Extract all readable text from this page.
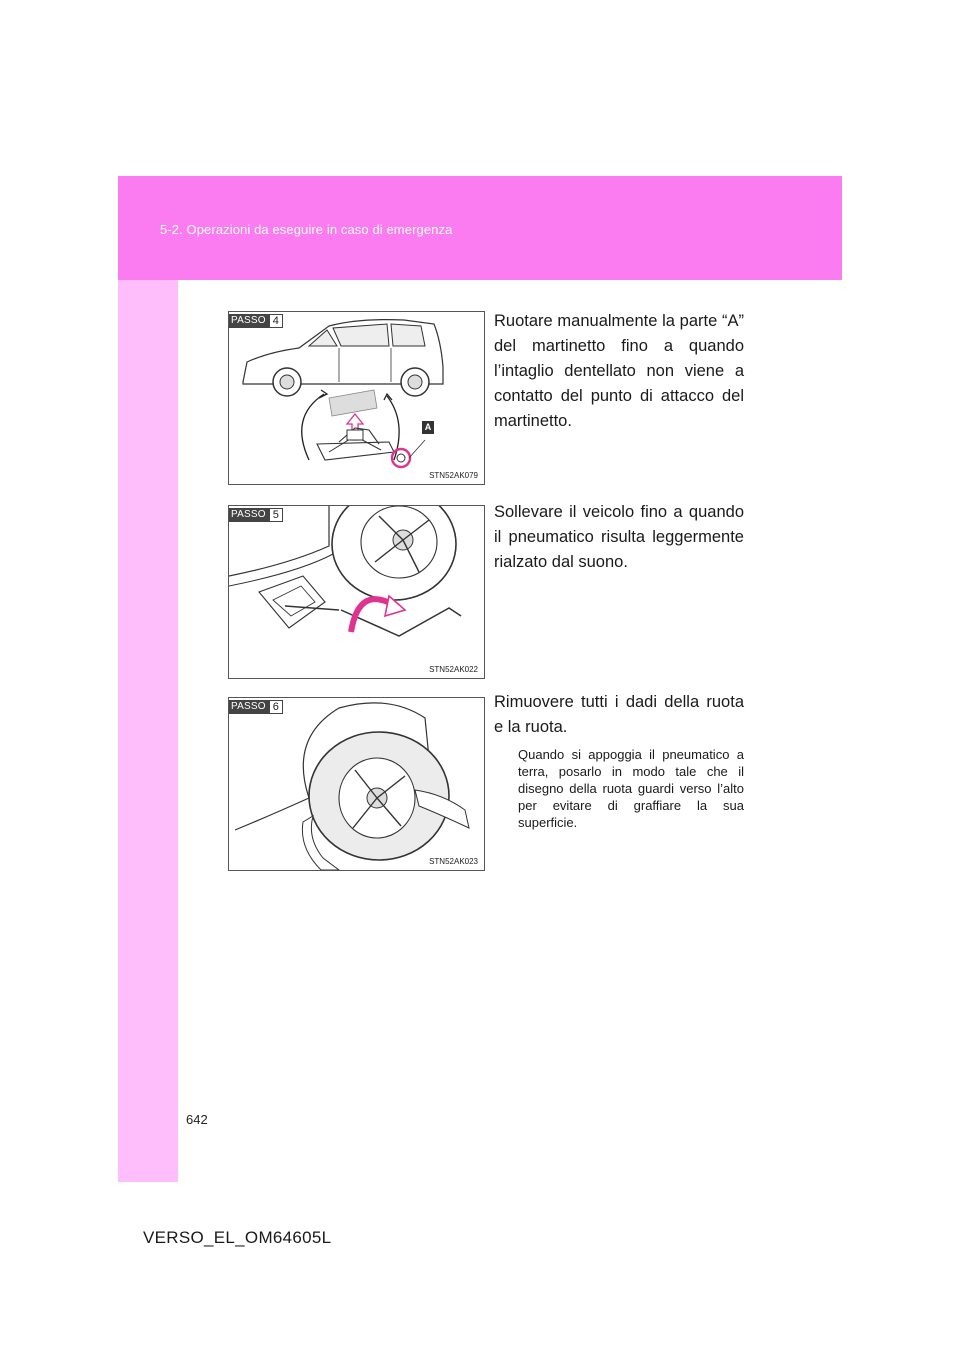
5-2. Operazioni da eseguire in caso di emergenza
PASSO 4
A
STN52AK079
Ruotare manualmente la parte “A” del martinetto fino a quando l’intaglio dentellato non viene a contatto del punto di attacco del martinetto.
PASSO 5
STN52AK022
Sollevare il veicolo fino a quando il pneumatico risulta leggermente rialzato dal suono.
PASSO 6
STN52AK023
Rimuovere tutti i dadi della ruota e la ruota.
Quando si appoggia il pneumatico a terra, posarlo in modo tale che il disegno della ruota guardi verso l’alto per evitare di graffiare la sua superficie.
642
VERSO_EL_OM64605L
